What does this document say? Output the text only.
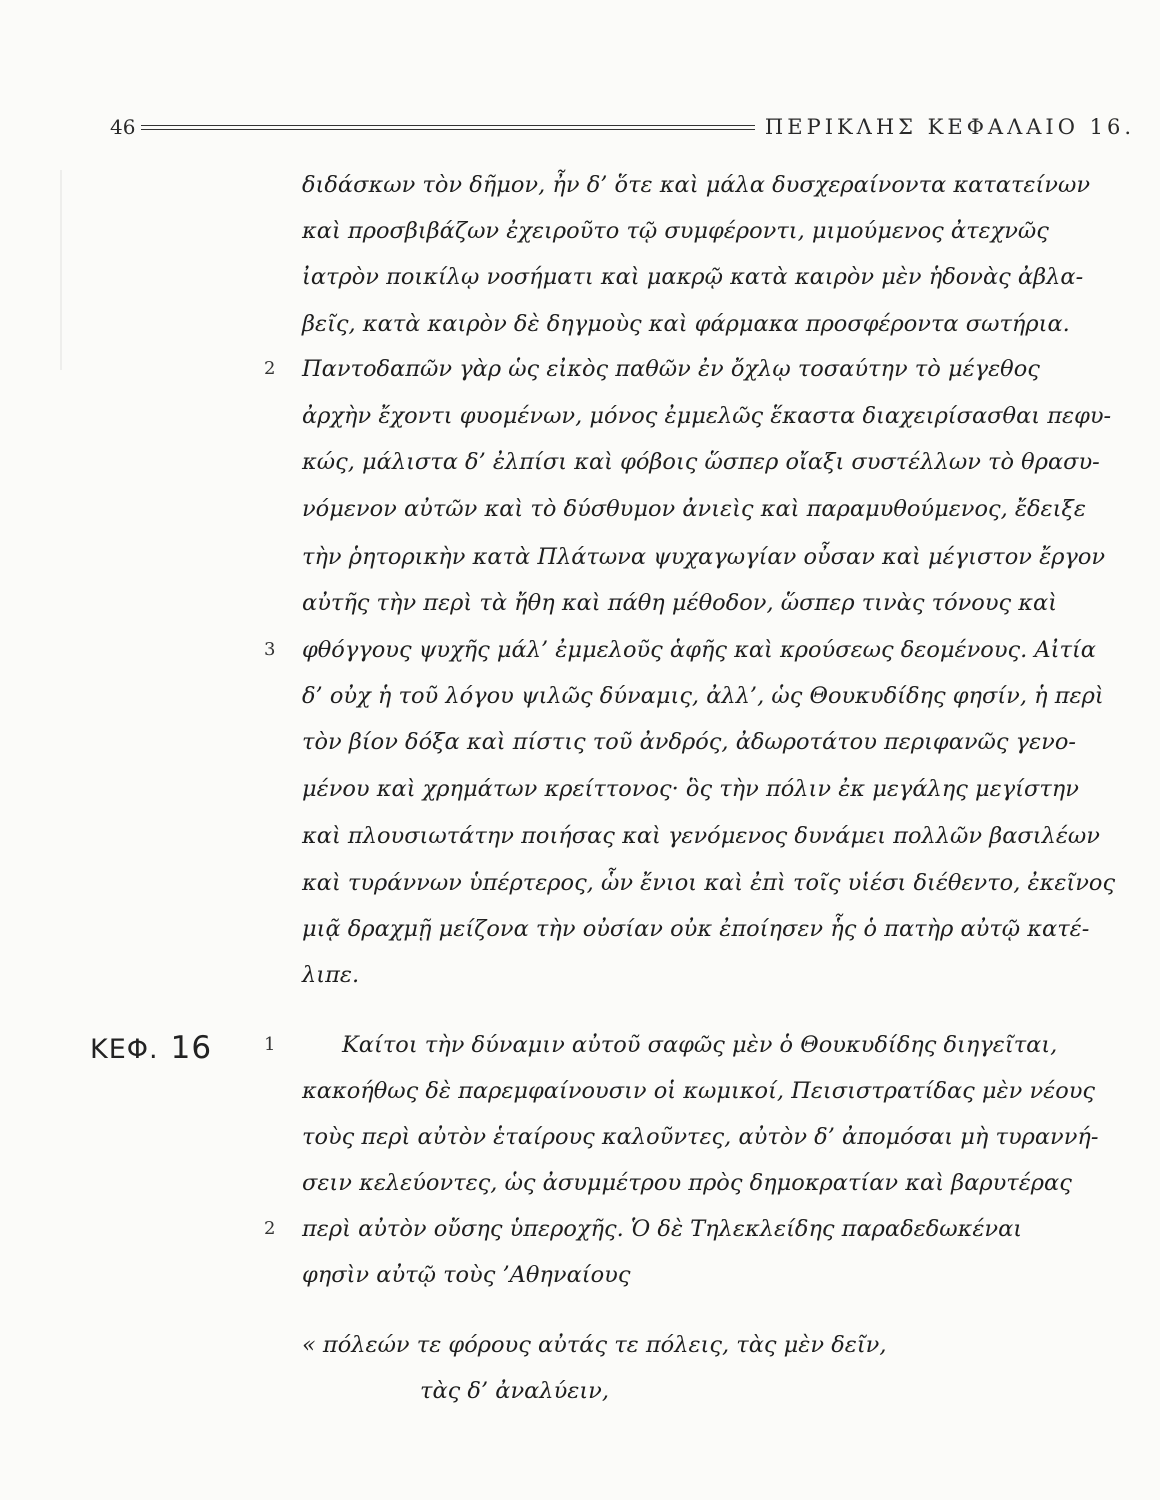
46	ΠΕΡΙΚΛΗΣ ΚΕΦΑΛΑΙΟ 16.
ΚΕΦ. 16
2
3
1
2
διδάσκων τὸν δῆμον, ἦν δ’ ὅτε καὶ μάλα δυσχεραίνοντα κατατείνων
καὶ προσβιβάζων ἐχειροῦτο τῷ συμφέροντι, μιμούμενος ἀτεχνῶς
ἰατρὸν ποικίλῳ νοσήματι καὶ μακρῷ κατὰ καιρὸν μὲν ἡδονὰς ἀβλα-
βεῖς, κατὰ καιρὸν δὲ δηγμοὺς καὶ φάρμακα προσφέροντα σωτήρια.
Παντοδαπῶν γὰρ ὡς εἰκὸς παθῶν ἐν ὄχλῳ τοσαύτην τὸ μέγεθος
ἀρχὴν ἔχοντι φυομένων, μόνος ἐμμελῶς ἕκαστα διαχειρίσασθαι πεφυ-
κώς, μάλιστα δ’ ἐλπίσι καὶ φόβοις ὥσπερ οἴαξι συστέλλων τὸ θρασυ-
νόμενον αὐτῶν καὶ τὸ δύσθυμον ἀνιεὶς καὶ παραμυθούμενος, ἔδειξε
τὴν ῥητορικὴν κατὰ Πλάτωνα ψυχαγωγίαν οὖσαν καὶ μέγιστον ἔργον
αὐτῆς τὴν περὶ τὰ ἤθη καὶ πάθη μέθοδον, ὥσπερ τινὰς τόνους καὶ
φθόγγους ψυχῆς μάλ’ ἐμμελοῦς ἁφῆς καὶ κρούσεως δεομένους. Αἰτία
δ’ οὐχ ἡ τοῦ λόγου ψιλῶς δύναμις, ἀλλ’, ὡς Θουκυδίδης φησίν, ἡ περὶ
τὸν βίον δόξα καὶ πίστις τοῦ ἀνδρός, ἀδωροτάτου περιφανῶς γενο-
μένου καὶ χρημάτων κρείττονος· ὃς τὴν πόλιν ἐκ μεγάλης μεγίστην
καὶ πλουσιωτάτην ποιήσας καὶ γενόμενος δυνάμει πολλῶν βασιλέων
καὶ τυράννων ὑπέρτερος, ὧν ἔνιοι καὶ ἐπὶ τοῖς υἱέσι διέθεντο, ἐκεῖνος
μιᾷ δραχμῇ μείζονα τὴν οὐσίαν οὐκ ἐποίησεν ἧς ὁ πατὴρ αὐτῷ κατέ-
λιπε.
Καίτοι τὴν δύναμιν αὐτοῦ σαφῶς μὲν ὁ Θουκυδίδης διηγεῖται,
κακοήθως δὲ παρεμφαίνουσιν οἱ κωμικοί, Πεισιστρατίδας μὲν νέους
τοὺς περὶ αὐτὸν ἑταίρους καλοῦντες, αὐτὸν δ’ ἀπομόσαι μὴ τυραννή-
σειν κελεύοντες, ὡς ἀσυμμέτρου πρὸς δημοκρατίαν καὶ βαρυτέρας
περὶ αὐτὸν οὔσης ὑπεροχῆς. Ὁ δὲ Τηλεκλείδης παραδεδωκέναι
φησὶν αὐτῷ τοὺς ’Αθηναίους
« πόλεών τε φόρους αὐτάς τε πόλεις, τὰς μὲν δεῖν,
τὰς δ’ ἀναλύειν,
